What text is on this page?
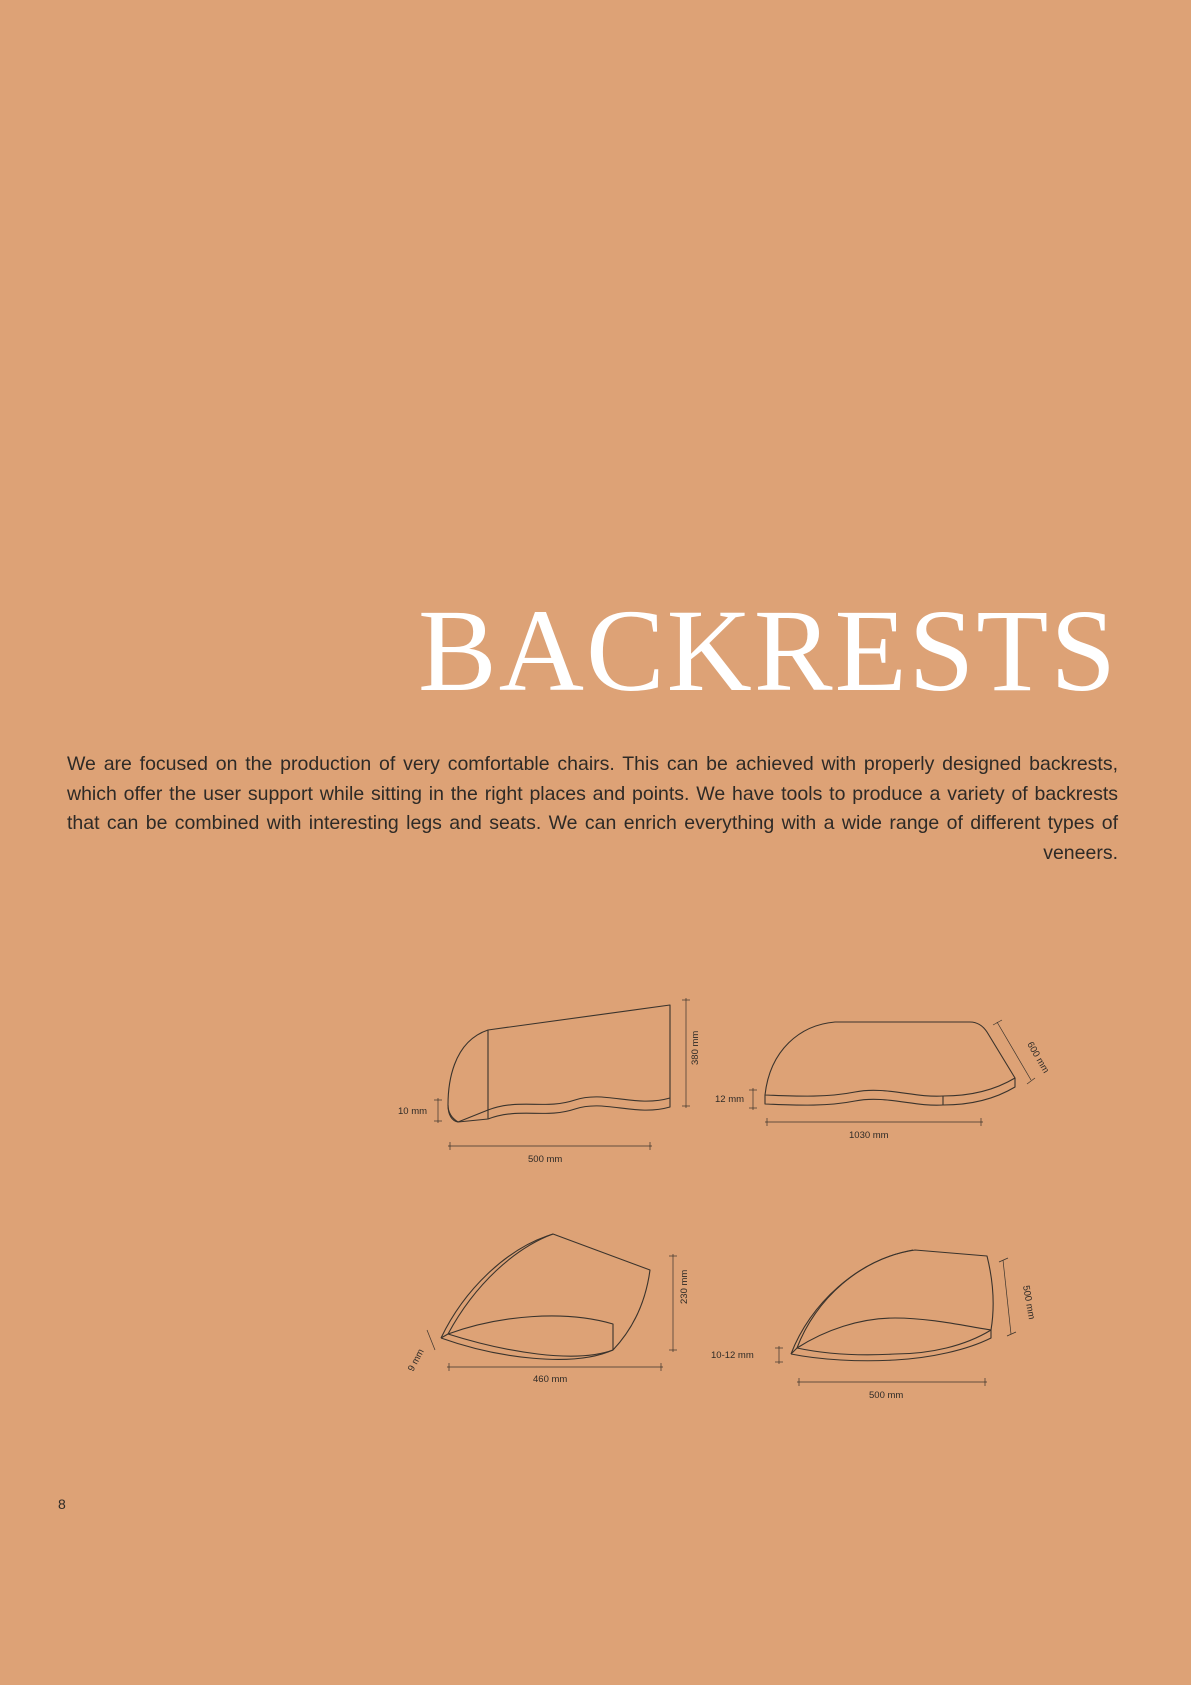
BACKRESTS
We are focused on the production of very comfortable chairs. This can be achieved with properly designed backrests, which offer the user support while sitting in the right places and points. We have tools to produce a variety of backrests that can be combined with interesting legs and seats. We can enrich everything with a wide range of different types of veneers.
10 mm
380 mm
500 mm
12 mm
600 mm
1030 mm
9 mm
230 mm
460 mm
10-12 mm
500 mm
500 mm
8
